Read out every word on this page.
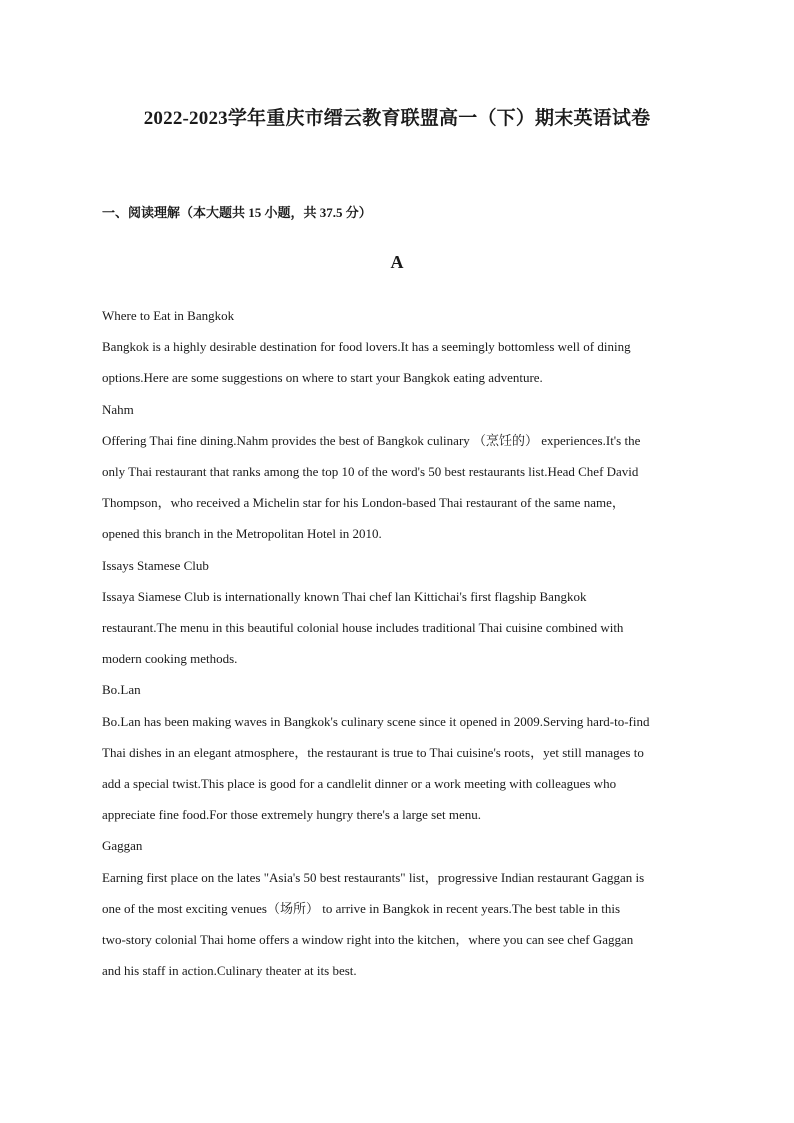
2022-2023学年重庆市缙云教育联盟高一（下）期末英语试卷
一、阅读理解（本大题共 15 小题，共 37.5 分）
A

Where to Eat in Bangkok

Bangkok is a highly desirable destination for food lovers.It has a seemingly bottomless well of dining

options.Here are some suggestions on where to start your Bangkok eating adventure.

Nahm

Offering Thai fine dining.Nahm provides the best of Bangkok culinary （烹饪的） experiences.It's the

only Thai restaurant that ranks among the top 10 of the word's 50 best restaurants list.Head Chef David

Thompson，who received a Michelin star for his London-based Thai restaurant of the same name，

opened this branch in the Metropolitan Hotel in 2010.

Issays Stamese Club

Issaya Siamese Club is internationally known Thai chef lan Kittichai's first flagship Bangkok

restaurant.The menu in this beautiful colonial house includes traditional Thai cuisine combined with

modern cooking methods.

Bo.Lan

Bo.Lan has been making waves in Bangkok's culinary scene since it opened in 2009.Serving hard-to-find

Thai dishes in an elegant atmosphere，the restaurant is true to Thai cuisine's roots，yet still manages to

add a special twist.This place is good for a candlelit dinner or a work meeting with colleagues who

appreciate fine food.For those extremely hungry there's a large set menu.

Gaggan

Earning first place on the lates "Asia's 50 best restaurants" list，progressive Indian restaurant Gaggan is

one of the most exciting venues（场所） to arrive in Bangkok in recent years.The best table in this

two-story colonial Thai home offers a window right into the kitchen，where you can see chef Gaggan

and his staff in action.Culinary theater at its best.
